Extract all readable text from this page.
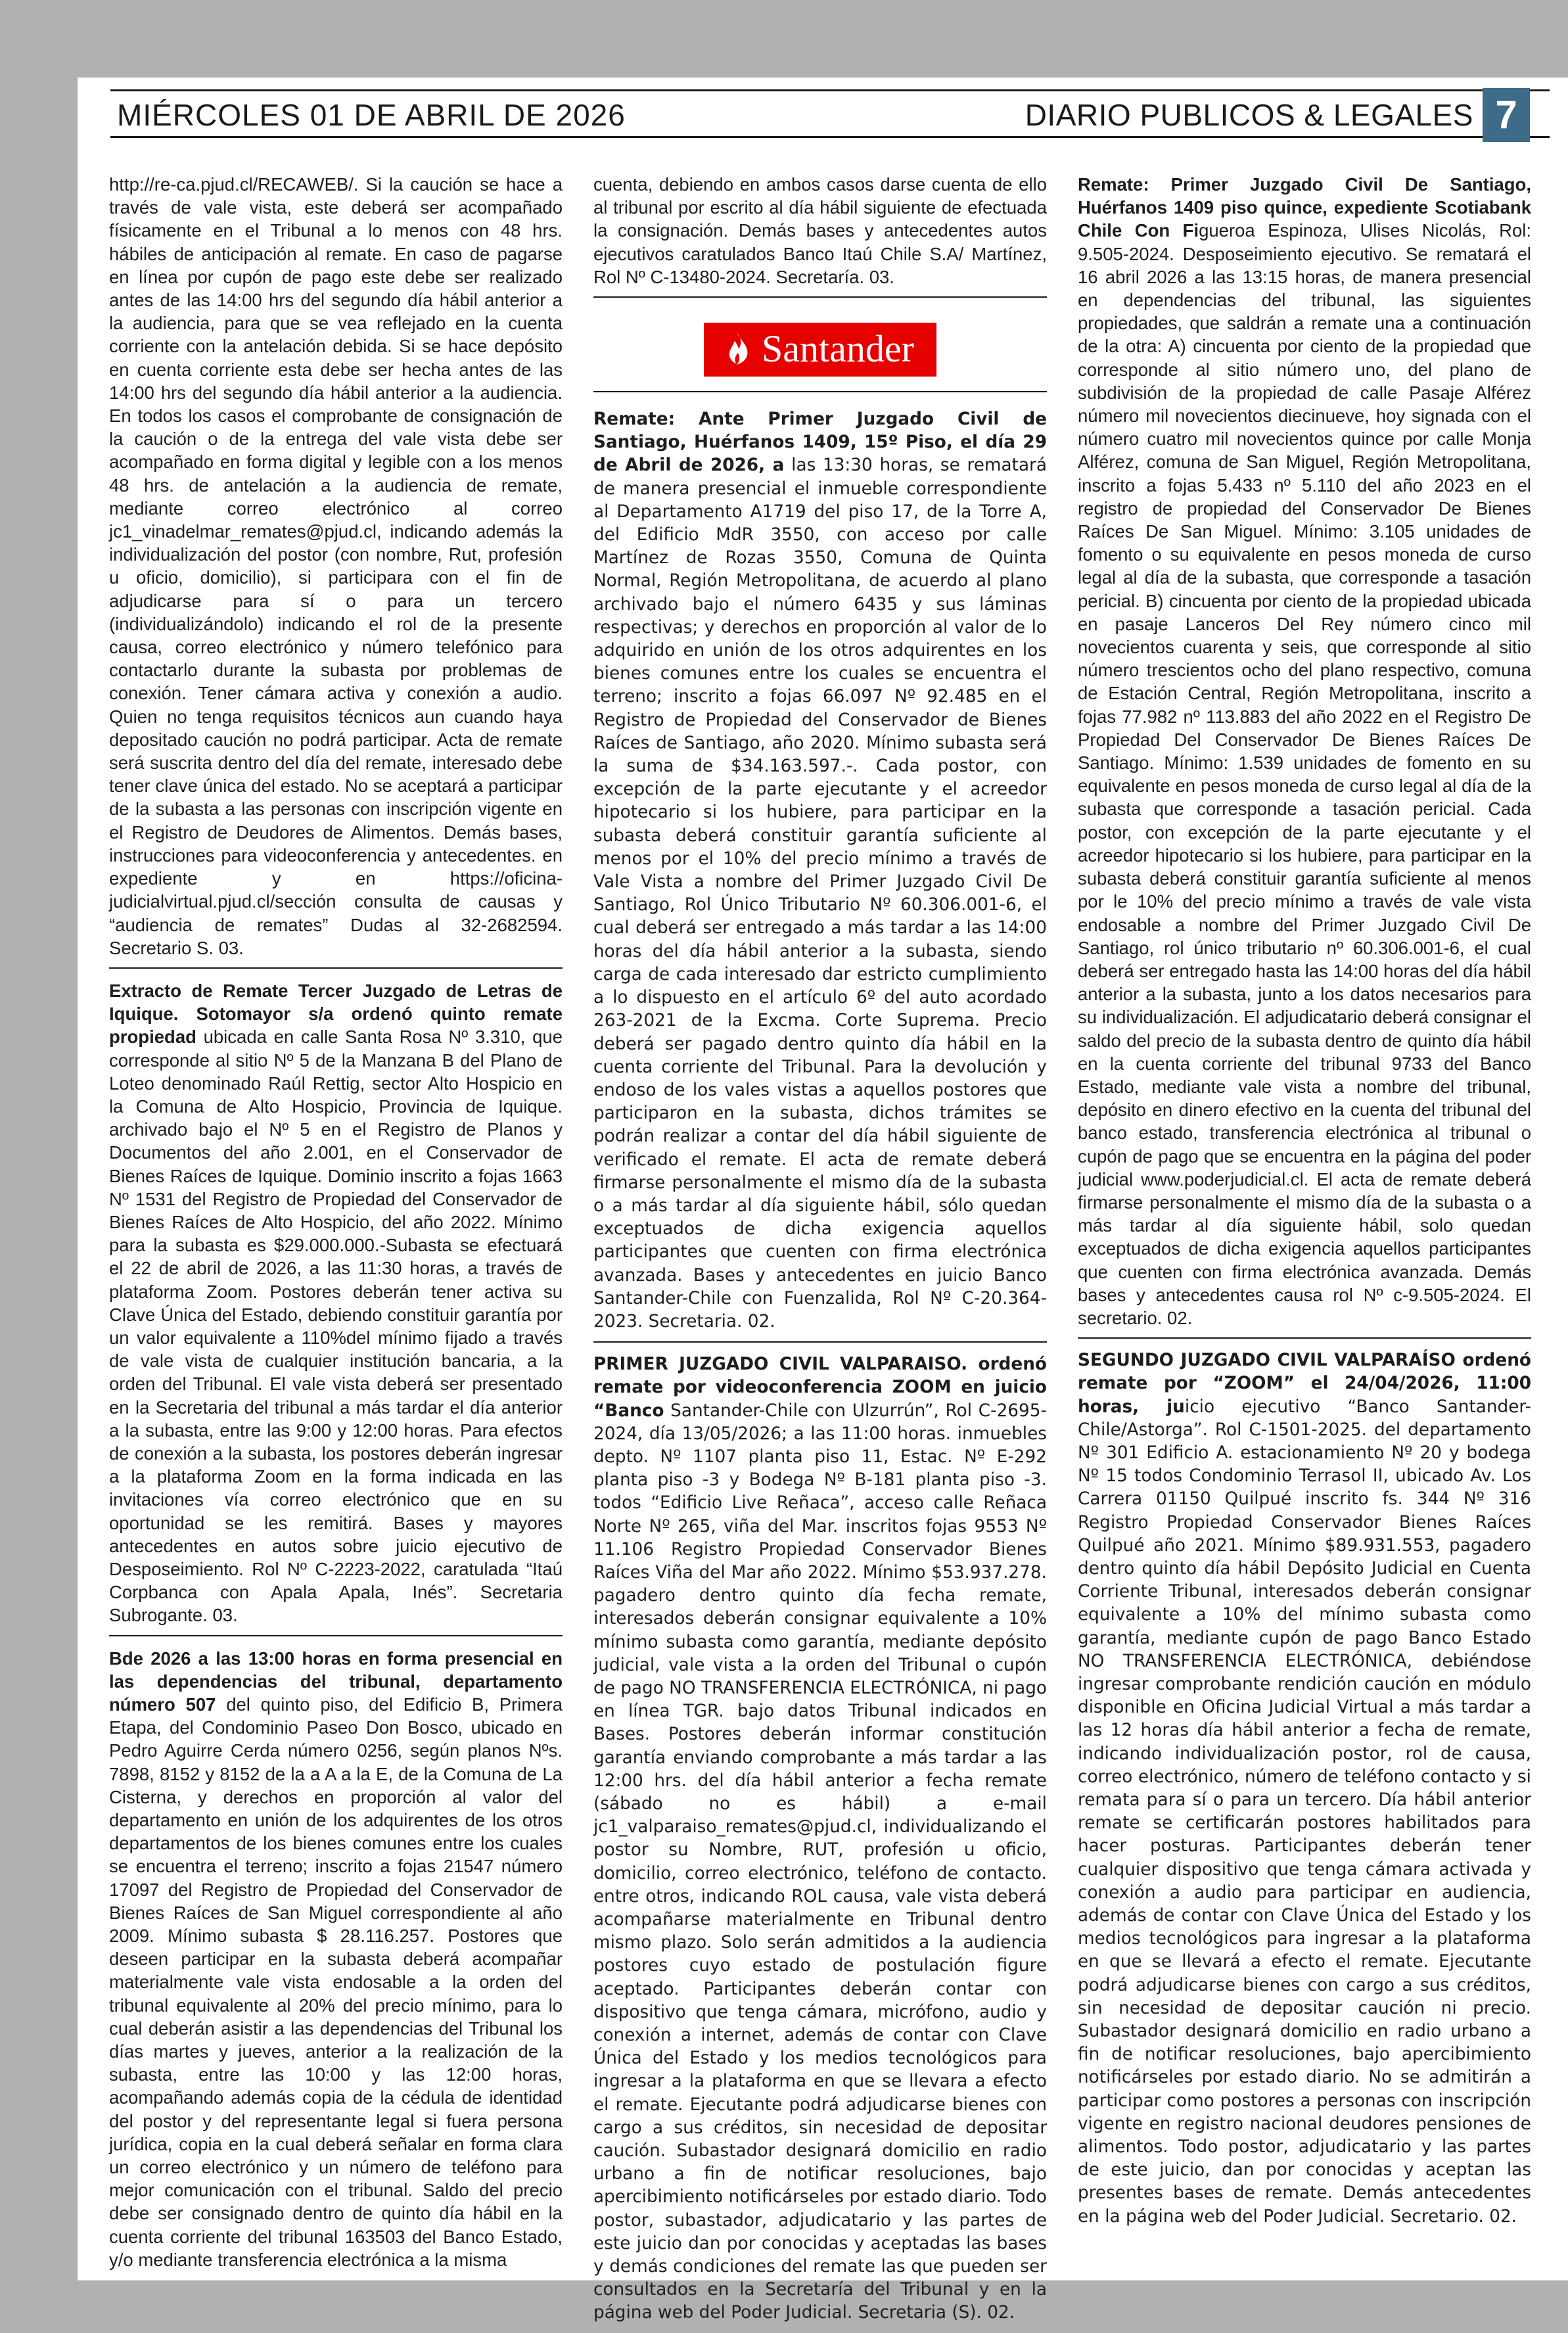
MIÉRCOLES 01 DE ABRIL DE 2026	DIARIO PUBLICOS & LEGALES 7

http://re-ca.pjud.cl/RECAWEB/. Si la caución se hace a través de vale vista, este deberá ser acompañado físicamente en el Tribunal a lo menos con 48 hrs. hábiles de anticipación al remate. En caso de pagarse en línea por cupón de pago este debe ser realizado antes de las 14:00 hrs del segundo día hábil anterior a la audiencia, para que se vea reflejado en la cuenta corriente con la antelación debida. Si se hace depósito en cuenta corriente esta debe ser hecha antes de las 14:00 hrs del segundo día hábil anterior a la audiencia. En todos los casos el comprobante de consignación de la caución o de la entrega del vale vista debe ser acompañado en forma digital y legible con a los menos 48 hrs. de antelación a la audiencia de remate, mediante correo electrónico al correo jc1_vinadelmar_remates@pjud.cl, indicando además la individualización del postor (con nombre, Rut, profesión u oficio, domicilio), si participara con el fin de adjudicarse para sí o para un tercero (individualizándolo) indicando el rol de la presente causa, correo electrónico y número telefónico para contactarlo durante la subasta por problemas de conexión. Tener cámara activa y conexión a audio. Quien no tenga requisitos técnicos aun cuando haya depositado caución no podrá participar. Acta de remate será suscrita dentro del día del remate, interesado debe tener clave única del estado. No se aceptará a participar de la subasta a las personas con inscripción vigente en el Registro de Deudores de Alimentos. Demás bases, instrucciones para videoconferencia y antecedentes. en expediente y en https://oficina-judicialvirtual.pjud.cl/sección consulta de causas y “audiencia de remates” Dudas al 32-2682594. Secretario S. 03.

Extracto de Remate Tercer Juzgado de Letras de Iquique. Sotomayor s/a ordenó quinto remate propiedad ubicada en calle Santa Rosa Nº 3.310, que corresponde al sitio Nº 5 de la Manzana B del Plano de Loteo denominado Raúl Rettig, sector Alto Hospicio en la Comuna de Alto Hospicio, Provincia de Iquique. archivado bajo el Nº 5 en el Registro de Planos y Documentos del año 2.001, en el Conservador de Bienes Raíces de Iquique. Dominio inscrito a fojas 1663 Nº 1531 del Registro de Propiedad del Conservador de Bienes Raíces de Alto Hospicio, del año 2022. Mínimo para la subasta es $29.000.000.-Subasta se efectuará el 22 de abril de 2026, a las 11:30 horas, a través de plataforma Zoom. Postores deberán tener activa su Clave Única del Estado, debiendo constituir garantía por un valor equivalente a 110%del mínimo fijado a través de vale vista de cualquier institución bancaria, a la orden del Tribunal. El vale vista deberá ser presentado en la Secretaria del tribunal a más tardar el día anterior a la subasta, entre las 9:00 y 12:00 horas. Para efectos de conexión a la subasta, los postores deberán ingresar a la plataforma Zoom en la forma indicada en las invitaciones vía correo electrónico que en su oportunidad se les remitirá. Bases y mayores antecedentes en autos sobre juicio ejecutivo de Desposeimiento. Rol Nº C-2223-2022, caratulada “Itaú Corpbanca con Apala Apala, Inés”. Secretaria Subrogante. 03.

Bde 2026 a las 13:00 horas en forma presencial en las dependencias del tribunal, departamento número 507 del quinto piso, del Edificio B, Primera Etapa, del Condominio Paseo Don Bosco, ubicado en Pedro Aguirre Cerda número 0256, según planos Nºs. 7898, 8152 y 8152 de la a A a la E, de la Comuna de La Cisterna, y derechos en proporción al valor del departamento en unión de los adquirentes de los otros departamentos de los bienes comunes entre los cuales se encuentra el terreno; inscrito a fojas 21547 número 17097 del Registro de Propiedad del Conservador de Bienes Raíces de San Miguel correspondiente al año 2009. Mínimo subasta $ 28.116.257. Postores que deseen participar en la subasta deberá acompañar materialmente vale vista endosable a la orden del tribunal equivalente al 20% del precio mínimo, para lo cual deberán asistir a las dependencias del Tribunal los días martes y jueves, anterior a la realización de la subasta, entre las 10:00 y las 12:00 horas, acompañando además copia de la cédula de identidad del postor y del representante legal si fuera persona jurídica, copia en la cual deberá señalar en forma clara un correo electrónico y un número de teléfono para mejor comunicación con el tribunal. Saldo del precio debe ser consignado dentro de quinto día hábil en la cuenta corriente del tribunal 163503 del Banco Estado, y/o mediante transferencia electrónica a la misma

cuenta, debiendo en ambos casos darse cuenta de ello al tribunal por escrito al día hábil siguiente de efectuada la consignación. Demás bases y antecedentes autos ejecutivos caratulados Banco Itaú Chile S.A/ Martínez, Rol Nº C-13480-2024. Secretaría. 03.

Santander

Remate: Ante Primer Juzgado Civil de Santiago, Huérfanos 1409, 15º Piso, el día 29 de Abril de 2026, a las 13:30 horas, se rematará de manera presencial el inmueble correspondiente al Departamento A1719 del piso 17, de la Torre A, del Edificio MdR 3550, con acceso por calle Martínez de Rozas 3550, Comuna de Quinta Normal, Región Metropolitana, de acuerdo al plano archivado bajo el número 6435 y sus láminas respectivas; y derechos en proporción al valor de lo adquirido en unión de los otros adquirentes en los bienes comunes entre los cuales se encuentra el terreno; inscrito a fojas 66.097 Nº 92.485 en el Registro de Propiedad del Conservador de Bienes Raíces de Santiago, año 2020. Mínimo subasta será la suma de $34.163.597.-. Cada postor, con excepción de la parte ejecutante y el acreedor hipotecario si los hubiere, para participar en la subasta deberá constituir garantía suficiente al menos por el 10% del precio mínimo a través de Vale Vista a nombre del Primer Juzgado Civil De Santiago, Rol Único Tributario Nº 60.306.001-6, el cual deberá ser entregado a más tardar a las 14:00 horas del día hábil anterior a la subasta, siendo carga de cada interesado dar estricto cumplimiento a lo dispuesto en el artículo 6º del auto acordado 263-2021 de la Excma. Corte Suprema. Precio deberá ser pagado dentro quinto día hábil en la cuenta corriente del Tribunal. Para la devolución y endoso de los vales vistas a aquellos postores que participaron en la subasta, dichos trámites se podrán realizar a contar del día hábil siguiente de verificado el remate. El acta de remate deberá firmarse personalmente el mismo día de la subasta o a más tardar al día siguiente hábil, sólo quedan exceptuados de dicha exigencia aquellos participantes que cuenten con firma electrónica avanzada. Bases y antecedentes en juicio Banco Santander-Chile con Fuenzalida, Rol Nº C-20.364-2023. Secretaria. 02.

PRIMER JUZGADO CIVIL VALPARAISO. ordenó remate por videoconferencia ZOOM en juicio “Banco Santander-Chile con Ulzurrún”, Rol C-2695-2024, día 13/05/2026; a las 11:00 horas. inmuebles depto. Nº 1107 planta piso 11, Estac. Nº E-292 planta piso -3 y Bodega Nº B-181 planta piso -3. todos “Edificio Live Reñaca”, acceso calle Reñaca Norte Nº 265, viña del Mar. inscritos fojas 9553 Nº 11.106 Registro Propiedad Conservador Bienes Raíces Viña del Mar año 2022. Mínimo $53.937.278. pagadero dentro quinto día fecha remate, interesados deberán consignar equivalente a 10% mínimo subasta como garantía, mediante depósito judicial, vale vista a la orden del Tribunal o cupón de pago NO TRANSFERENCIA ELECTRÓNICA, ni pago en línea TGR. bajo datos Tribunal indicados en Bases. Postores deberán informar constitución garantía enviando comprobante a más tardar a las 12:00 hrs. del día hábil anterior a fecha remate (sábado no es hábil) a e-mail jc1_valparaiso_remates@pjud.cl, individualizando el postor su Nombre, RUT, profesión u oficio, domicilio, correo electrónico, teléfono de contacto. entre otros, indicando ROL causa, vale vista deberá acompañarse materialmente en Tribunal dentro mismo plazo. Solo serán admitidos a la audiencia postores cuyo estado de postulación figure aceptado. Participantes deberán contar con dispositivo que tenga cámara, micrófono, audio y conexión a internet, además de contar con Clave Única del Estado y los medios tecnológicos para ingresar a la plataforma en que se llevara a efecto el remate. Ejecutante podrá adjudicarse bienes con cargo a sus créditos, sin necesidad de depositar caución. Subastador designará domicilio en radio urbano a fin de notificar resoluciones, bajo apercibimiento notificárseles por estado diario. Todo postor, subastador, adjudicatario y las partes de este juicio dan por conocidas y aceptadas las bases y demás condiciones del remate las que pueden ser consultados en la Secretaría del Tribunal y en la página web del Poder Judicial. Secretaria (S). 02.

Remate: Primer Juzgado Civil De Santiago, Huérfanos 1409 piso quince, expediente Scotiabank Chile Con Figueroa Espinoza, Ulises Nicolás, Rol: 9.505-2024. Desposeimiento ejecutivo. Se rematará el 16 abril 2026 a las 13:15 horas, de manera presencial en dependencias del tribunal, las siguientes propiedades, que saldrán a remate una a continuación de la otra: A) cincuenta por ciento de la propiedad que corresponde al sitio número uno, del plano de subdivisión de la propiedad de calle Pasaje Alférez número mil novecientos diecinueve, hoy signada con el número cuatro mil novecientos quince por calle Monja Alférez, comuna de San Miguel, Región Metropolitana, inscrito a fojas 5.433 nº 5.110 del año 2023 en el registro de propiedad del Conservador De Bienes Raíces De San Miguel. Mínimo: 3.105 unidades de fomento o su equivalente en pesos moneda de curso legal al día de la subasta, que corresponde a tasación pericial. B) cincuenta por ciento de la propiedad ubicada en pasaje Lanceros Del Rey número cinco mil novecientos cuarenta y seis, que corresponde al sitio número trescientos ocho del plano respectivo, comuna de Estación Central, Región Metropolitana, inscrito a fojas 77.982 nº 113.883 del año 2022 en el Registro De Propiedad Del Conservador De Bienes Raíces De Santiago. Mínimo: 1.539 unidades de fomento en su equivalente en pesos moneda de curso legal al día de la subasta que corresponde a tasación pericial. Cada postor, con excepción de la parte ejecutante y el acreedor hipotecario si los hubiere, para participar en la subasta deberá constituir garantía suficiente al menos por le 10% del precio mínimo a través de vale vista endosable a nombre del Primer Juzgado Civil De Santiago, rol único tributario nº 60.306.001-6, el cual deberá ser entregado hasta las 14:00 horas del día hábil anterior a la subasta, junto a los datos necesarios para su individualización. El adjudicatario deberá consignar el saldo del precio de la subasta dentro de quinto día hábil en la cuenta corriente del tribunal 9733 del Banco Estado, mediante vale vista a nombre del tribunal, depósito en dinero efectivo en la cuenta del tribunal del banco estado, transferencia electrónica al tribunal o cupón de pago que se encuentra en la página del poder judicial www.poderjudicial.cl. El acta de remate deberá firmarse personalmente el mismo día de la subasta o a más tardar al día siguiente hábil, solo quedan exceptuados de dicha exigencia aquellos participantes que cuenten con firma electrónica avanzada. Demás bases y antecedentes causa rol Nº c-9.505-2024. El secretario. 02.

SEGUNDO JUZGADO CIVIL VALPARAÍSO ordenó remate por “ZOOM” el 24/04/2026, 11:00 horas, juicio ejecutivo “Banco Santander-Chile/Astorga”. Rol C-1501-2025. del departamento Nº 301 Edificio A. estacionamiento Nº 20 y bodega Nº 15 todos Condominio Terrasol II, ubicado Av. Los Carrera 01150 Quilpué inscrito fs. 344 Nº 316 Registro Propiedad Conservador Bienes Raíces Quilpué año 2021. Mínimo $89.931.553, pagadero dentro quinto día hábil Depósito Judicial en Cuenta Corriente Tribunal, interesados deberán consignar equivalente a 10% del mínimo subasta como garantía, mediante cupón de pago Banco Estado NO TRANSFERENCIA ELECTRÓNICA, debiéndose ingresar comprobante rendición caución en módulo disponible en Oficina Judicial Virtual a más tardar a las 12 horas día hábil anterior a fecha de remate, indicando individualización postor, rol de causa, correo electrónico, número de teléfono contacto y si remata para sí o para un tercero. Día hábil anterior remate se certificarán postores habilitados para hacer posturas. Participantes deberán tener cualquier dispositivo que tenga cámara activada y conexión a audio para participar en audiencia, además de contar con Clave Única del Estado y los medios tecnológicos para ingresar a la plataforma en que se llevará a efecto el remate. Ejecutante podrá adjudicarse bienes con cargo a sus créditos, sin necesidad de depositar caución ni precio. Subastador designará domicilio en radio urbano a fin de notificar resoluciones, bajo apercibimiento notificárseles por estado diario. No se admitirán a participar como postores a personas con inscripción vigente en registro nacional deudores pensiones de alimentos. Todo postor, adjudicatario y las partes de este juicio, dan por conocidas y aceptan las presentes bases de remate. Demás antecedentes en la página web del Poder Judicial. Secretario. 02.
